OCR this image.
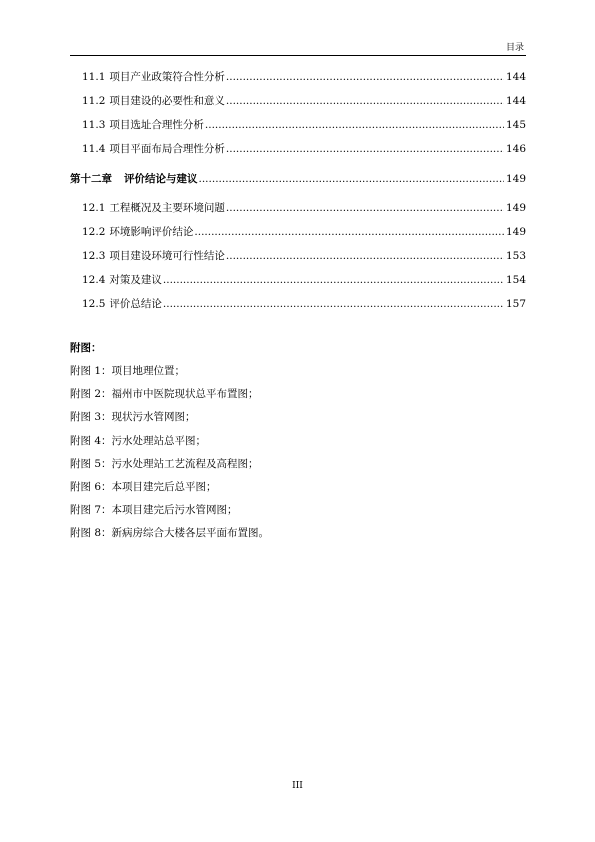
目录
11.1 项目产业政策符合性分析 .....	144
11.2 项目建设的必要性和意义 .....	144
11.3 项目选址合理性分析 .....	145
11.4 项目平面布局合理性分析 .....	146
第十二章	评价结论与建议 .....	149
12.1 工程概况及主要环境问题 .....	149
12.2 环境影响评价结论 .....	149
12.3 项目建设环境可行性结论 .....	153
12.4 对策及建议 .....	154
12.5 评价总结论 .....	157
附图：
附图 1：项目地理位置；
附图 2：福州市中医院现状总平布置图；
附图 3：现状污水管网图；
附图 4：污水处理站总平图；
附图 5：污水处理站工艺流程及高程图；
附图 6：本项目建完后总平图；
附图 7：本项目建完后污水管网图；
附图 8：新病房综合大楼各层平面布置图。
III
